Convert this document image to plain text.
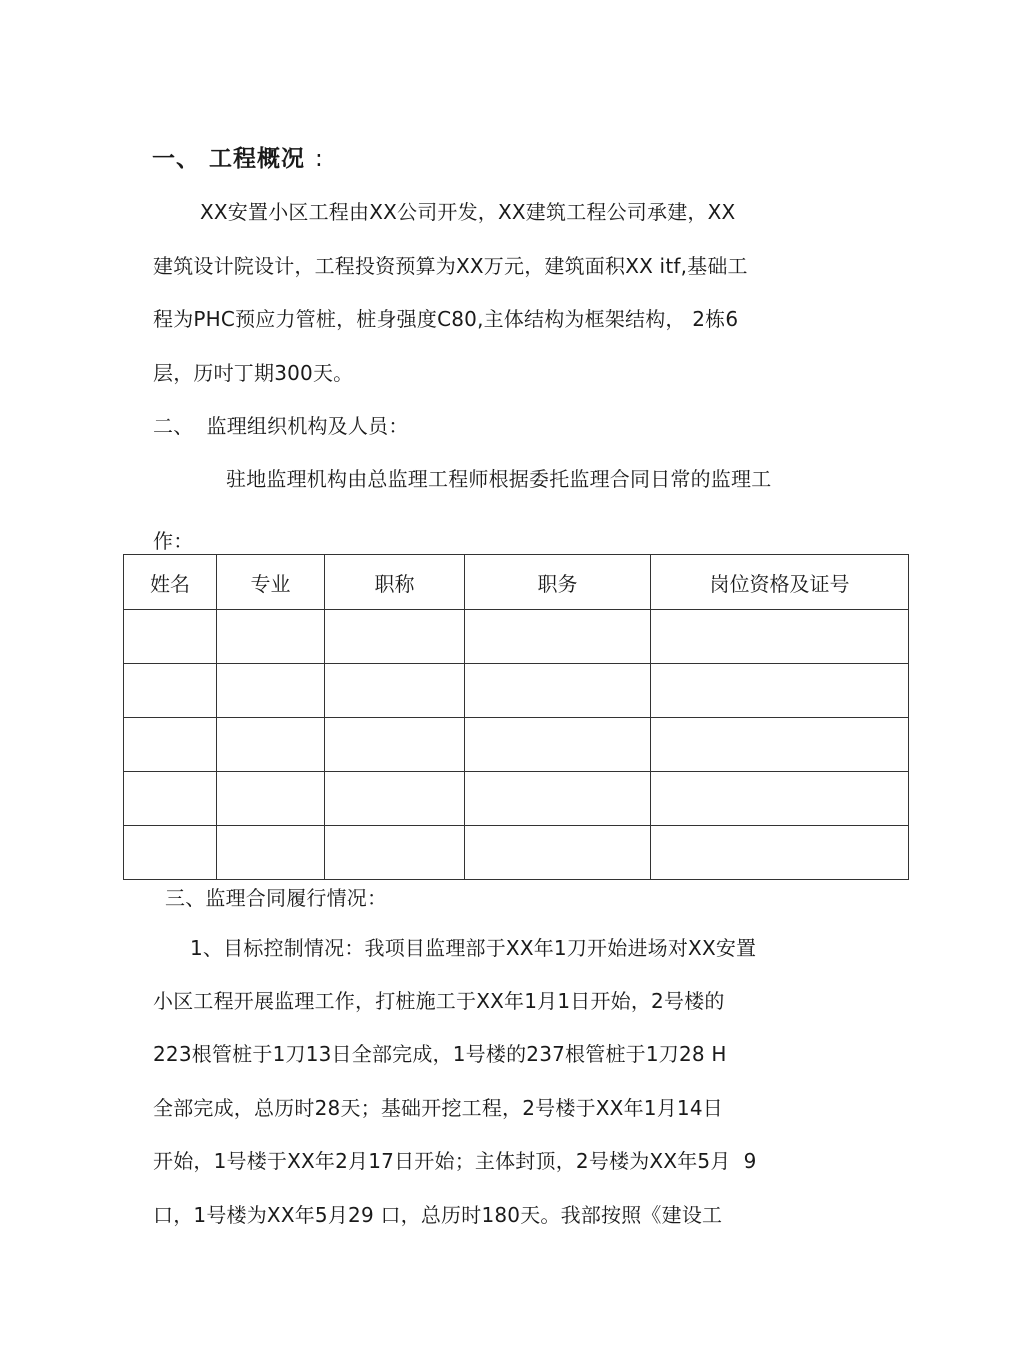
一、 工程概况 :
XX安置小区工程由XX公司开发，XX建筑工程公司承建，XX
建筑设计院设计，工程投资预算为XX万元，建筑面积XX itf,基础工
程为PHC预应力管桩，桩身强度C80,主体结构为框架结构， 2栋6
层，历吋丁期300天。
二、  监理组织机构及人员：
驻地监理机构由总监理工程师根据委托监理合同日常的监理工
作：
姓名	专业	职称	职务	岗位资格及证号

三、监理合同履行情况：
1、目标控制情况：我项目监理部于XX年1刀开始进场对XX安置
小区工程开展监理工作，打桩施工于XX年1月1日开始，2号楼的
223根管桩于1刀13日全部完成，1号楼的237根管桩于1刀28 H
全部完成，总历时28天；基础开挖工程，2号楼于XX年1月14日
开始，1号楼于XX年2月17日开始；主体封顶，2号楼为XX年5月  9
口，1号楼为XX年5月29 口，总历时180天。我部按照《建设工
